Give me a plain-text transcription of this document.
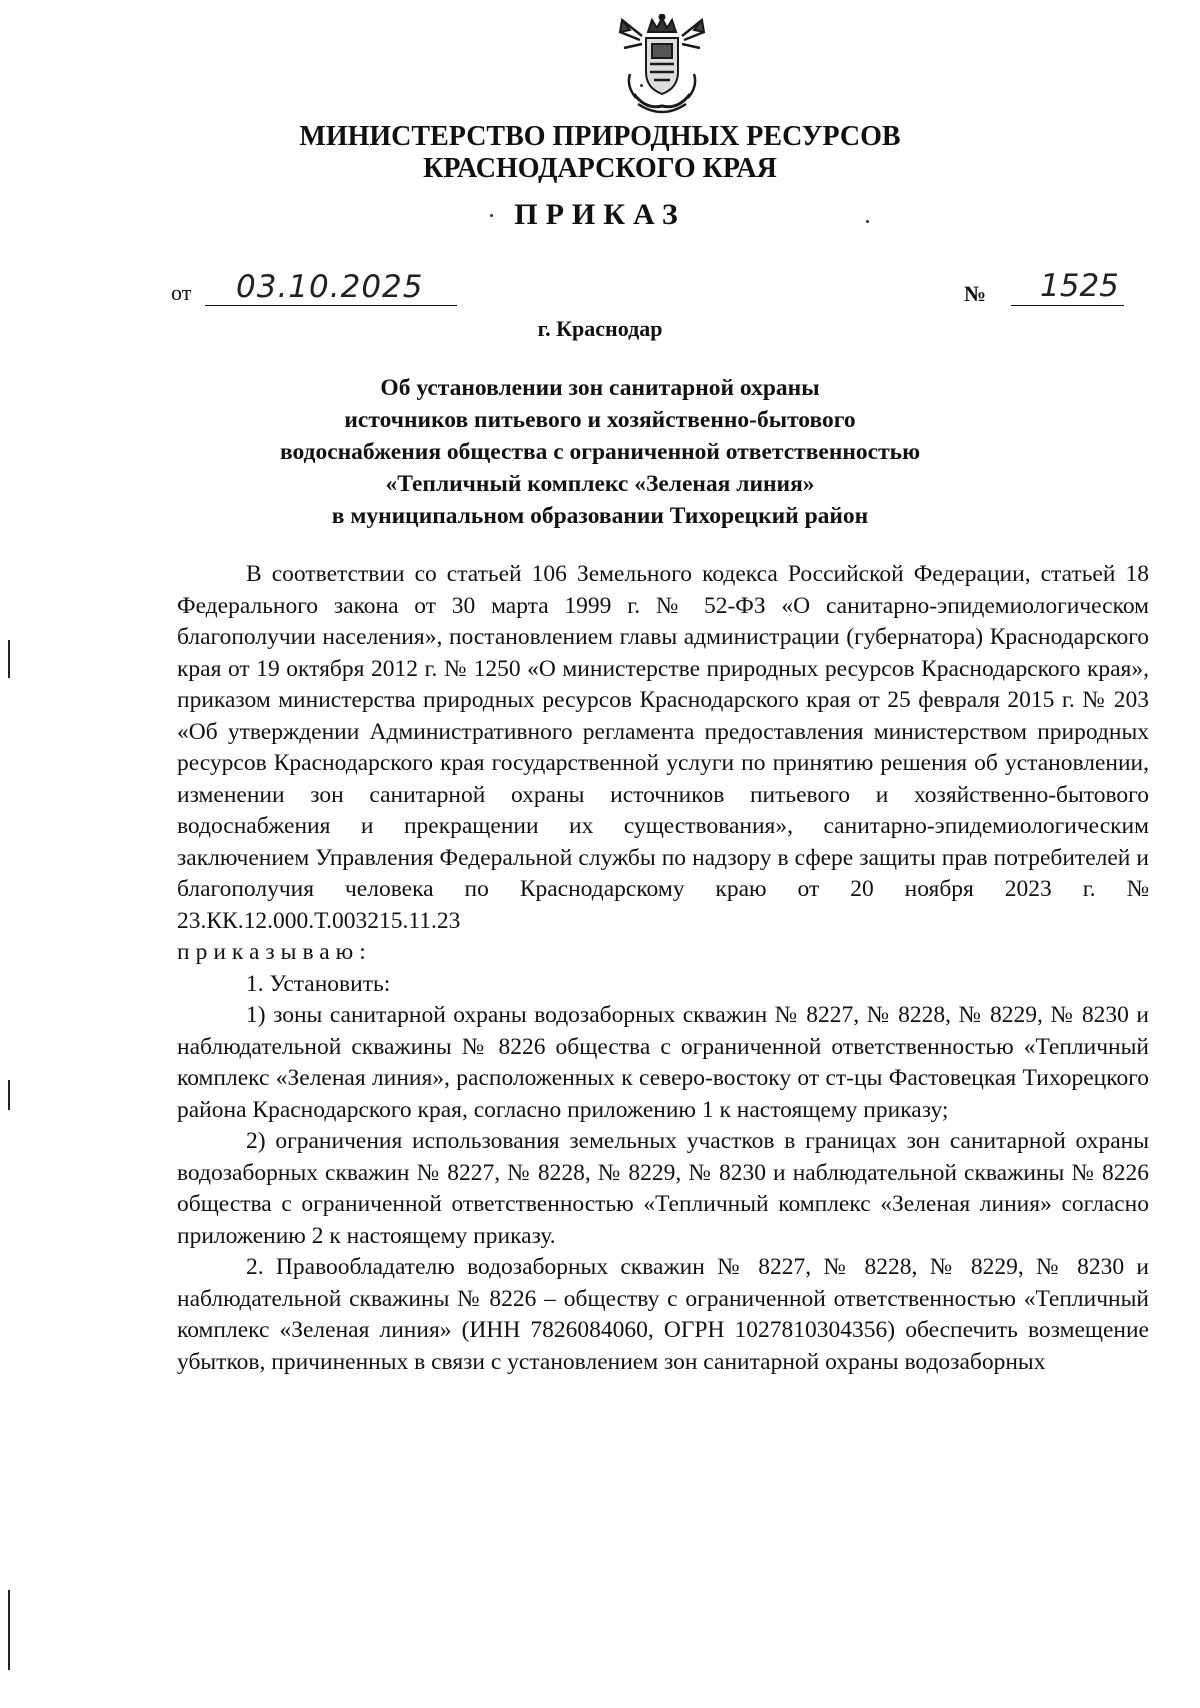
МИНИСТЕРСТВО ПРИРОДНЫХ РЕСУРСОВ
КРАСНОДАРСКОГО КРАЯ
ПРИКАЗ
от 03.10.2025	№ 1525
г. Краснодар
Об установлении зон санитарной охраны
источников питьевого и хозяйственно-бытового
водоснабжения общества с ограниченной ответственностью
«Тепличный комплекс «Зеленая линия»
в муниципальном образовании Тихорецкий район

В соответствии со статьей 106 Земельного кодекса Российской Федерации, статьей 18 Федерального закона от 30 марта 1999 г. № 52-ФЗ «О санитарно-эпидемиологическом благополучии населения», постановлением главы администрации (губернатора) Краснодарского края от 19 октября 2012 г. № 1250 «О министерстве природных ресурсов Краснодарского края», приказом министерства природных ресурсов Краснодарского края от 25 февраля 2015 г. № 203 «Об утверждении Административного регламента предоставления министерством природных ресурсов Краснодарского края государственной услуги по принятию решения об установлении, изменении зон санитарной охраны источников питьевого и хозяйственно-бытового водоснабжения и прекращении их существования», санитарно-эпидемиологическим заключением Управления Федеральной службы по надзору в сфере защиты прав потребителей и благополучия человека по Краснодарскому краю от 20 ноября 2023 г. № 23.КК.12.000.Т.003215.11.23

приказываю:

1. Установить:

1) зоны санитарной охраны водозаборных скважин № 8227, № 8228, № 8229, № 8230 и наблюдательной скважины № 8226 общества с ограниченной ответственностью «Тепличный комплекс «Зеленая линия», расположенных к северо-востоку от ст-цы Фастовецкая Тихорецкого района Краснодарского края, согласно приложению 1 к настоящему приказу;

2) ограничения использования земельных участков в границах зон санитарной охраны водозаборных скважин № 8227, № 8228, № 8229, № 8230 и наблюдательной скважины № 8226 общества с ограниченной ответственностью «Тепличный комплекс «Зеленая линия» согласно приложению 2 к настоящему приказу.

2. Правообладателю водозаборных скважин № 8227, № 8228, № 8229, № 8230 и наблюдательной скважины № 8226 – обществу с ограниченной ответственностью «Тепличный комплекс «Зеленая линия» (ИНН 7826084060, ОГРН 1027810304356) обеспечить возмещение убытков, причиненных в связи с установлением зон санитарной охраны водозаборных
